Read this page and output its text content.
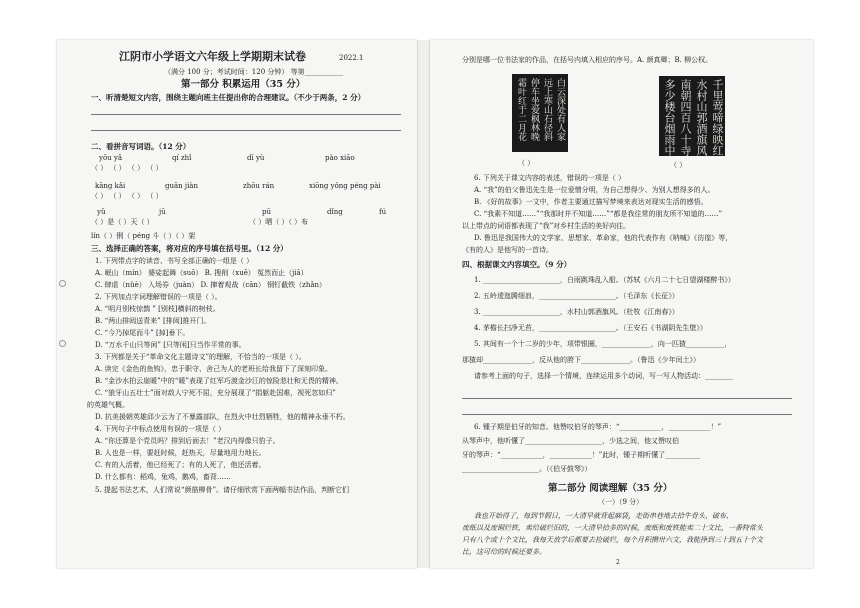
江阴市小学语文六年级上学期期末试卷	2022.1
（满分 100 分；考试时间：120 分钟） 等第___________
第一部分 积累运用（35 分）
一、听清楚短文内容，围绕主题向班主任提出你的合理建议。（不少于两条，2 分）
二、看拼音写词语。（12 分）
yōu yǎ	qí zhǐ	dī yù	pào xiāo
（ ） （ ） （ ） （ ）
kāng kǎi	guān jiàn	zhōu rán	xiōng yǒng péng pài
（ ） （ ） （ ） （ ）
yǔ	jū	pū	dǐng	fú
（ ）是（ ）天（ ）	（ ）晒（ ）（ ）布
lín（ ）俐（ péng 斗（ ）（ ）架
三、选择正确的答案，将对应的序号填在括号里。（12 分）
1. 下列带点字的读音、书写全部正确的一组是（ ）
A. 岷山（mín） 婆娑起舞（suō） B. 搜削（xuē） 冤然而止（jiā）
C. 肆虐（nüè） 入场券（juàn） D. 撺着观战（cān） 钢钉截铁（zhǎn）
2. 下列加点字词理解错误的一项是（ ）。
A. “明月别枝惊鹊 ” [别枝]横斜的树枝。
B. “两山排闼送青来” [排闼]推开门。
C. “今乃掉尾而斗” [掉]垂下。
D. “万水千山只等闲” [只等闲]只当作平常的事。
3. 下列都是关于“革命文化主题诗文”的理解，不恰当的一项是（ ）。
A. 读完《金色的鱼钩》，忠于职守、舍己为人的老班长给我留下了深刻印象。
B. “金沙水拍云崖暖”中的“暖”表现了红军巧渡金沙江的惊险悲壮和无畏的精神。
C. “狼牙山五壮士”面对敌人宁死不屈，充分展现了“捐躯赴国难，视死忽如归”
的英雄气概。
D. 抗美援朝英雄邱少云为了不暴露部队，在烈火中壮烈牺牲，他的精神永垂不朽。
4. 下列句子中标点使用有误的一项是（ ）
A. “你还算是个党员吗？排到后面去！”老汉内得像只豹子。
B. 人也是一样，要赶时候，赶热天，尽量地用力地长。
C. 有的人活着，他已经死了；有的人死了，他还活着。
D. 什么都有：稻鸡，兔鸡，鹅鸡，畜背……
5. 提起书法艺术，人们常说“颜筋柳骨”。请仔细欣赏下面两幅书法作品，判断它们
分别是哪一位书法家的作品，在括号内填入相应的序号。A. 颜真卿；B. 柳公权。
白云深处有人家
远上寒山石径斜
停车坐爱枫林晚
霜叶红于二月花	千里莺啼绿映红
水村山郭酒旗风
南朝四百八十寺
多少楼台烟雨中
（ ）	（ ）
6. 下列关于课文内容的表述，错误的一项是（ ）
A. “我”的伯父鲁迅先生是一位爱憎分明，为自己想得少、为别人想得多的人。
B. 《好的故事》一文中，作者主要通过描写梦境来表达对现实生活的感悟。
C. “我素不知道……”“我那时并不知道……”“都是我往常的朋友所不知道的……”
以上带点的词语都表现了“我”对乡村生活的美好向往。
D. 鲁迅是我国伟大的文学家、思想家、革命家，他的代表作有《呐喊》《彷徨》等，
《有的人》是他写的一首诗。
四、根据课文内容填空。（9 分）
1. ______________________，白雨跳珠乱入船。（苏轼《六月二十七日望湖楼醉书》）
2. 五岭逶迤腾细浪，______________________。（毛泽东《长征》）
3. ______________________，水村山郭酒旗风。（杜牧《江南春》）
4. 茅檐长扫净无苔，______________________。（王安石《书湖阴先生壁》）
5. 其间有一个十二岁的少年，项带银圈，______________，向一匹猹___________，
那猹却______________，反从他的胯下______________。（鲁迅《少年闰土》）
请参考上面的句子，选择一个情境，连续运用多个动词，写一写人物活动：________
6. 锺子期是伯牙的知音。他赞叹伯牙的琴声：“____________，____________！”
从琴声中，他听懂了______________________，少选之间，他又赞叹伯
牙的琴声：“____________，____________！”此时，锺子期听懂了__________
______________________。（《伯牙鼓琴》）
第二部分 阅读理解（35 分）
（一）（9 分）
我也开始得了，每到节假日，一大清早就背起麻袋，走街串巷地去拾牛骨头、破布、
废纸以及废铜烂铁，卖给破烂旧的，一大清早拾多的时候，废纸和废铁能卖二十文比，一番特常头
只有八个或十个文比，我每天放学后都要去捡破烂，每个月积攒卅六文，我能挣到三十到五十个文
比，这可给的时候还要多。
2
